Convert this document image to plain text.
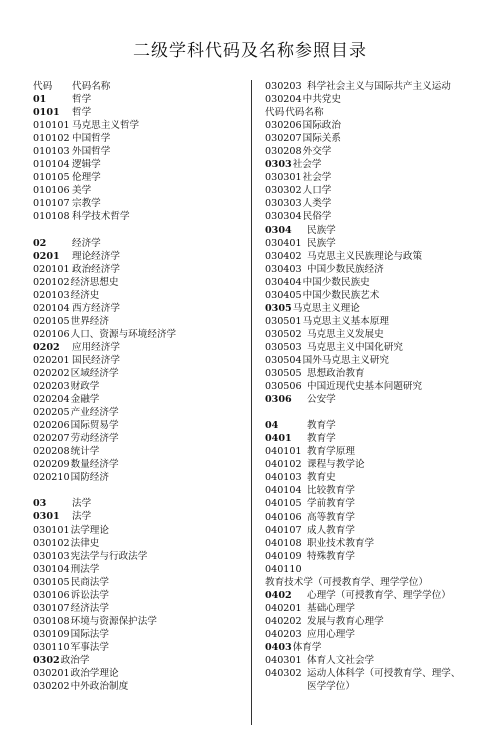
二级学科代码及名称参照目录
代码 代码名称
01	哲学
0101 哲学
010101 马克思主义哲学
010102 中国哲学
010103 外国哲学
010104 逻辑学
010105 伦理学
010106 美学
010107 宗教学
010108 科学技术哲学
02	经济学
0201 理论经济学
020101 政治经济学
020102经济思想史
020103经济史
020104 西方经济学
020105世界经济
020106人口、资源与环境经济学
0202 应用经济学
020201 国民经济学
020202区域经济学
020203财政学
020204金融学
020205产业经济学
020206国际贸易学
020207劳动经济学
020208统计学
020209数量经济学
020210国防经济
03	法学
0301 法学
030101法学理论
030102法律史
030103宪法学与行政法学
030104刑法学
030105民商法学
030106诉讼法学
030107经济法学
030108环境与资源保护法学
030109国际法学
030110军事法学
0302政治学
030201政治学理论
030202中外政治制度
030203 科学社会主义与国际共产主义运动
030204中共党史
代码代码名称
030206国际政治
030207国际关系
030208外交学
0303社会学
030301社会学
030302人口学
030303人类学
030304民俗学
0304 民族学
030401 民族学
030402 马克思主义民族理论与政策
030403 中国少数民族经济
030404中国少数民族史
030405中国少数民族艺术
0305马克思主义理论
030501马克思主义基本原理
030502 马克思主义发展史
030503 马克思主义中国化研究
030504国外马克思主义研究
030505 思想政治教育
030506 中国近现代史基本问题研究
0306 公安学
04	教育学
0401 教育学
040101 教育学原理
040102 课程与教学论
040103 教育史
040104 比较教育学
040105 学前教育学
040106 高等教育学
040107 成人教育学
040108 职业技术教育学
040109 特殊教育学
040110教育技术学（可授教育学、理学学位）
0402 心理学（可授教育学、理学学位）
040201 基础心理学
040202 发展与教育心理学
040203 应用心理学
0403体育学
040301 体育人文社会学
040302 运动人体科学（可授教育学、理学、医学学位）
